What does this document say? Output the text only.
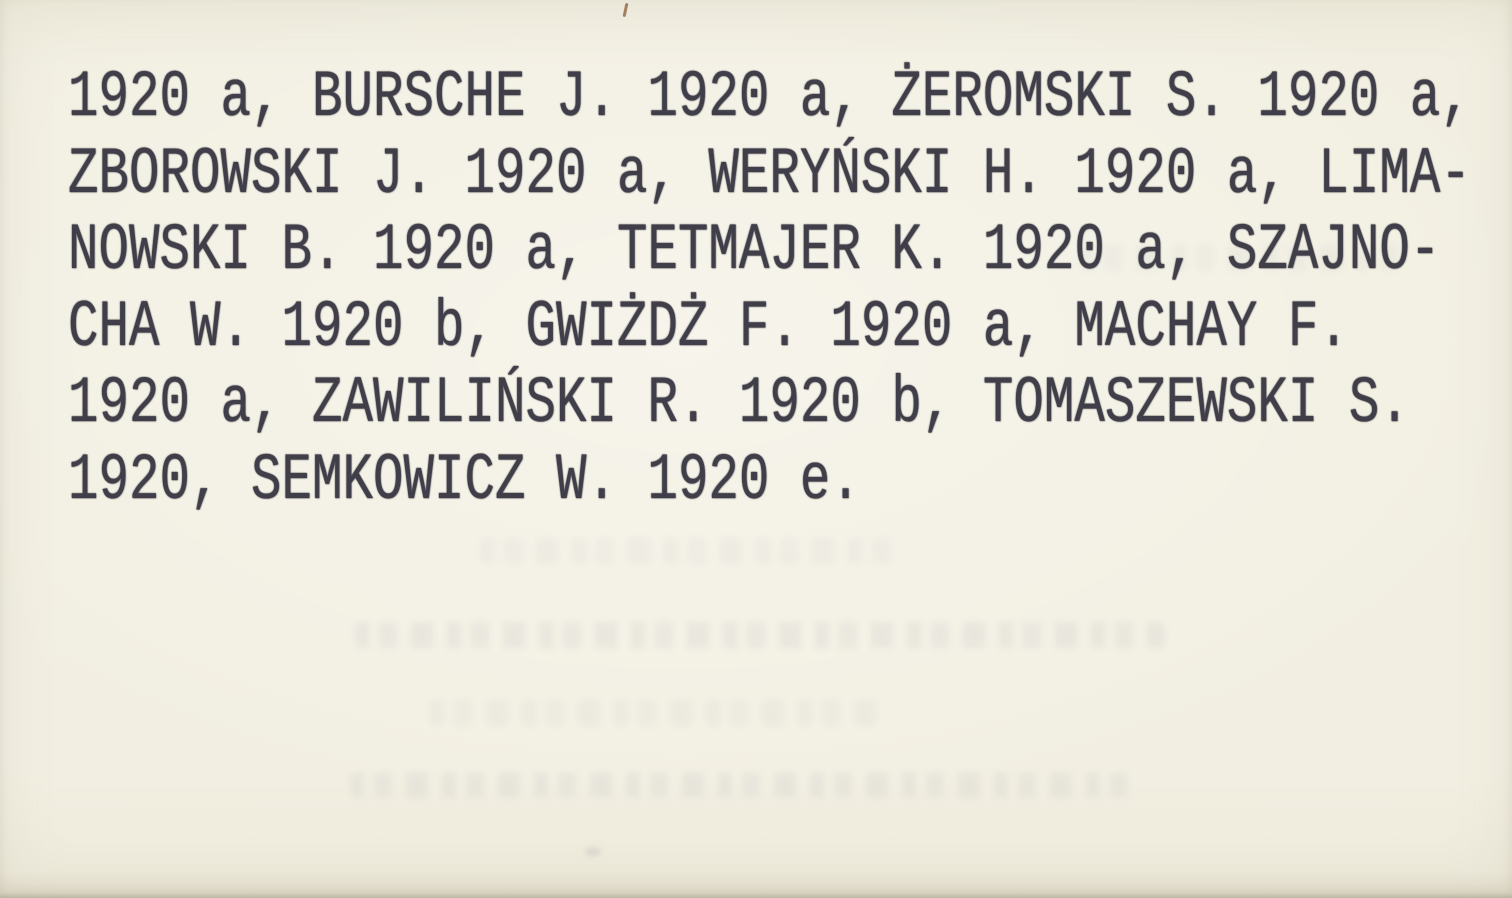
1920 a, BURSCHE J. 1920 a, ŻEROMSKI S. 1920 a,
ZBOROWSKI J. 1920 a, WERYŃSKI H. 1920 a, LIMA-
NOWSKI B. 1920 a, TETMAJER K. 1920 a, SZAJNO-
CHA W. 1920 b, GWIŻDŻ F. 1920 a, MACHAY F.
1920 a, ZAWILIŃSKI R. 1920 b, TOMASZEWSKI S.
1920, SEMKOWICZ W. 1920 e.
